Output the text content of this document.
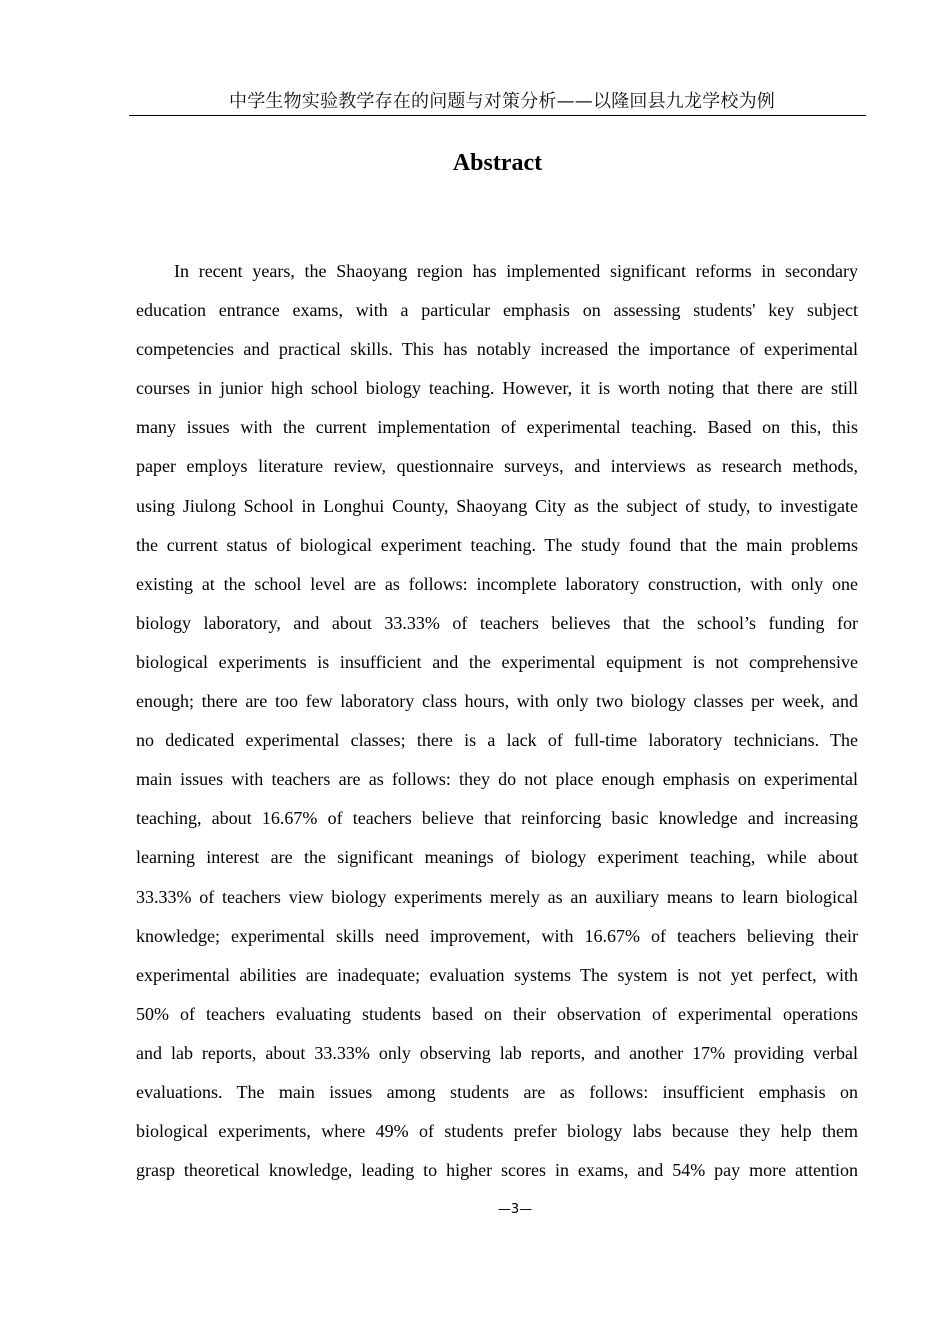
中学生物实验教学存在的问题与对策分析——以隆回县九龙学校为例
Abstract
In recent years, the Shaoyang region has implemented significant reforms in secondary
education entrance exams, with a particular emphasis on assessing students' key subject
competencies and practical skills. This has notably increased the importance of experimental
courses in junior high school biology teaching. However, it is worth noting that there are still
many issues with the current implementation of experimental teaching. Based on this, this
paper employs literature review, questionnaire surveys, and interviews as research methods,
using Jiulong School in Longhui County, Shaoyang City as the subject of study, to investigate
the current status of biological experiment teaching. The study found that the main problems
existing at the school level are as follows: incomplete laboratory construction, with only one
biology laboratory, and about 33.33% of teachers believes that the school’s funding for
biological experiments is insufficient and the experimental equipment is not comprehensive
enough; there are too few laboratory class hours, with only two biology classes per week, and
no dedicated experimental classes; there is a lack of full-time laboratory technicians. The
main issues with teachers are as follows: they do not place enough emphasis on experimental
teaching, about 16.67% of teachers believe that reinforcing basic knowledge and increasing
learning interest are the significant meanings of biology experiment teaching, while about
33.33% of teachers view biology experiments merely as an auxiliary means to learn biological
knowledge; experimental skills need improvement, with 16.67% of teachers believing their
experimental abilities are inadequate; evaluation systems The system is not yet perfect, with
50% of teachers evaluating students based on their observation of experimental operations
and lab reports, about 33.33% only observing lab reports, and another 17% providing verbal
evaluations. The main issues among students are as follows: insufficient emphasis on
biological experiments, where 49% of students prefer biology labs because they help them
grasp theoretical knowledge, leading to higher scores in exams, and 54% pay more attention
—3—
